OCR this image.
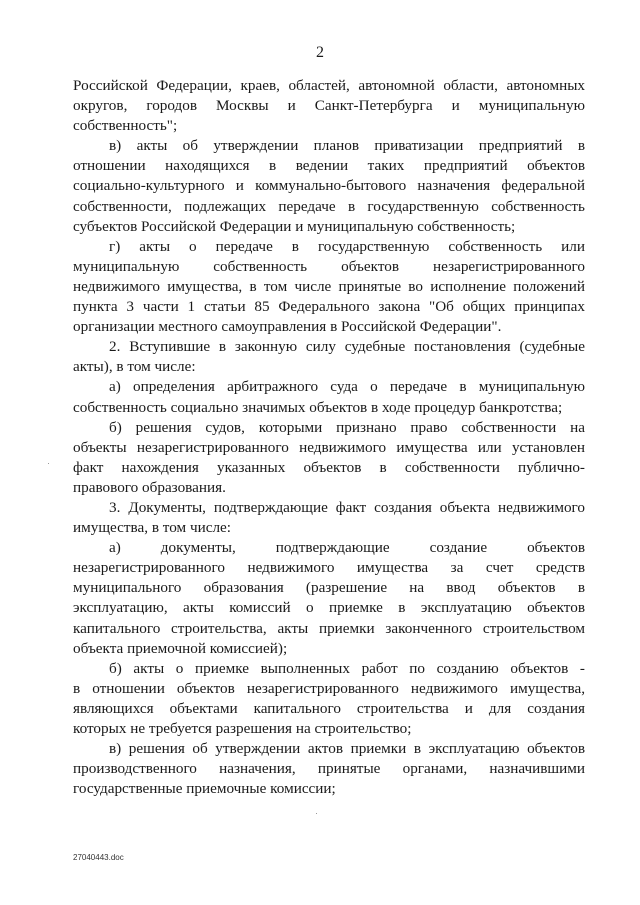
2

Российской Федерации, краев, областей, автономной области, автономных
округов, городов Москвы и Санкт-Петербурга и муниципальную
собственность";

в) акты об утверждении планов приватизации предприятий в
отношении находящихся в ведении таких предприятий объектов
социально-культурного и коммунально-бытового назначения федеральной
собственности, подлежащих передаче в государственную собственность
субъектов Российской Федерации и муниципальную собственность;

г) акты о передаче в государственную собственность или
муниципальную собственность объектов незарегистрированного
недвижимого имущества, в том числе принятые во исполнение положений
пункта 3 части 1 статьи 85 Федерального закона "Об общих принципах
организации местного самоуправления в Российской Федерации".

2. Вступившие в законную силу судебные постановления (судебные
акты), в том числе:

а) определения арбитражного суда о передаче в муниципальную
собственность социально значимых объектов в ходе процедур банкротства;

б) решения судов, которыми признано право собственности на
объекты незарегистрированного недвижимого имущества или установлен
факт нахождения указанных объектов в собственности публично-
правового образования.

3. Документы, подтверждающие факт создания объекта недвижимого
имущества, в том числе:

а) документы, подтверждающие создание объектов
незарегистрированного недвижимого имущества за счет средств
муниципального образования (разрешение на ввод объектов в
эксплуатацию, акты комиссий о приемке в эксплуатацию объектов
капитального строительства, акты приемки законченного строительством
объекта приемочной комиссией);

б) акты о приемке выполненных работ по созданию объектов -
в отношении объектов незарегистрированного недвижимого имущества,
являющихся объектами капитального строительства и для создания
которых не требуется разрешения на строительство;

в) решения об утверждении актов приемки в эксплуатацию объектов
производственного назначения, принятые органами, назначившими
государственные приемочные комиссии;

27040443.doc
